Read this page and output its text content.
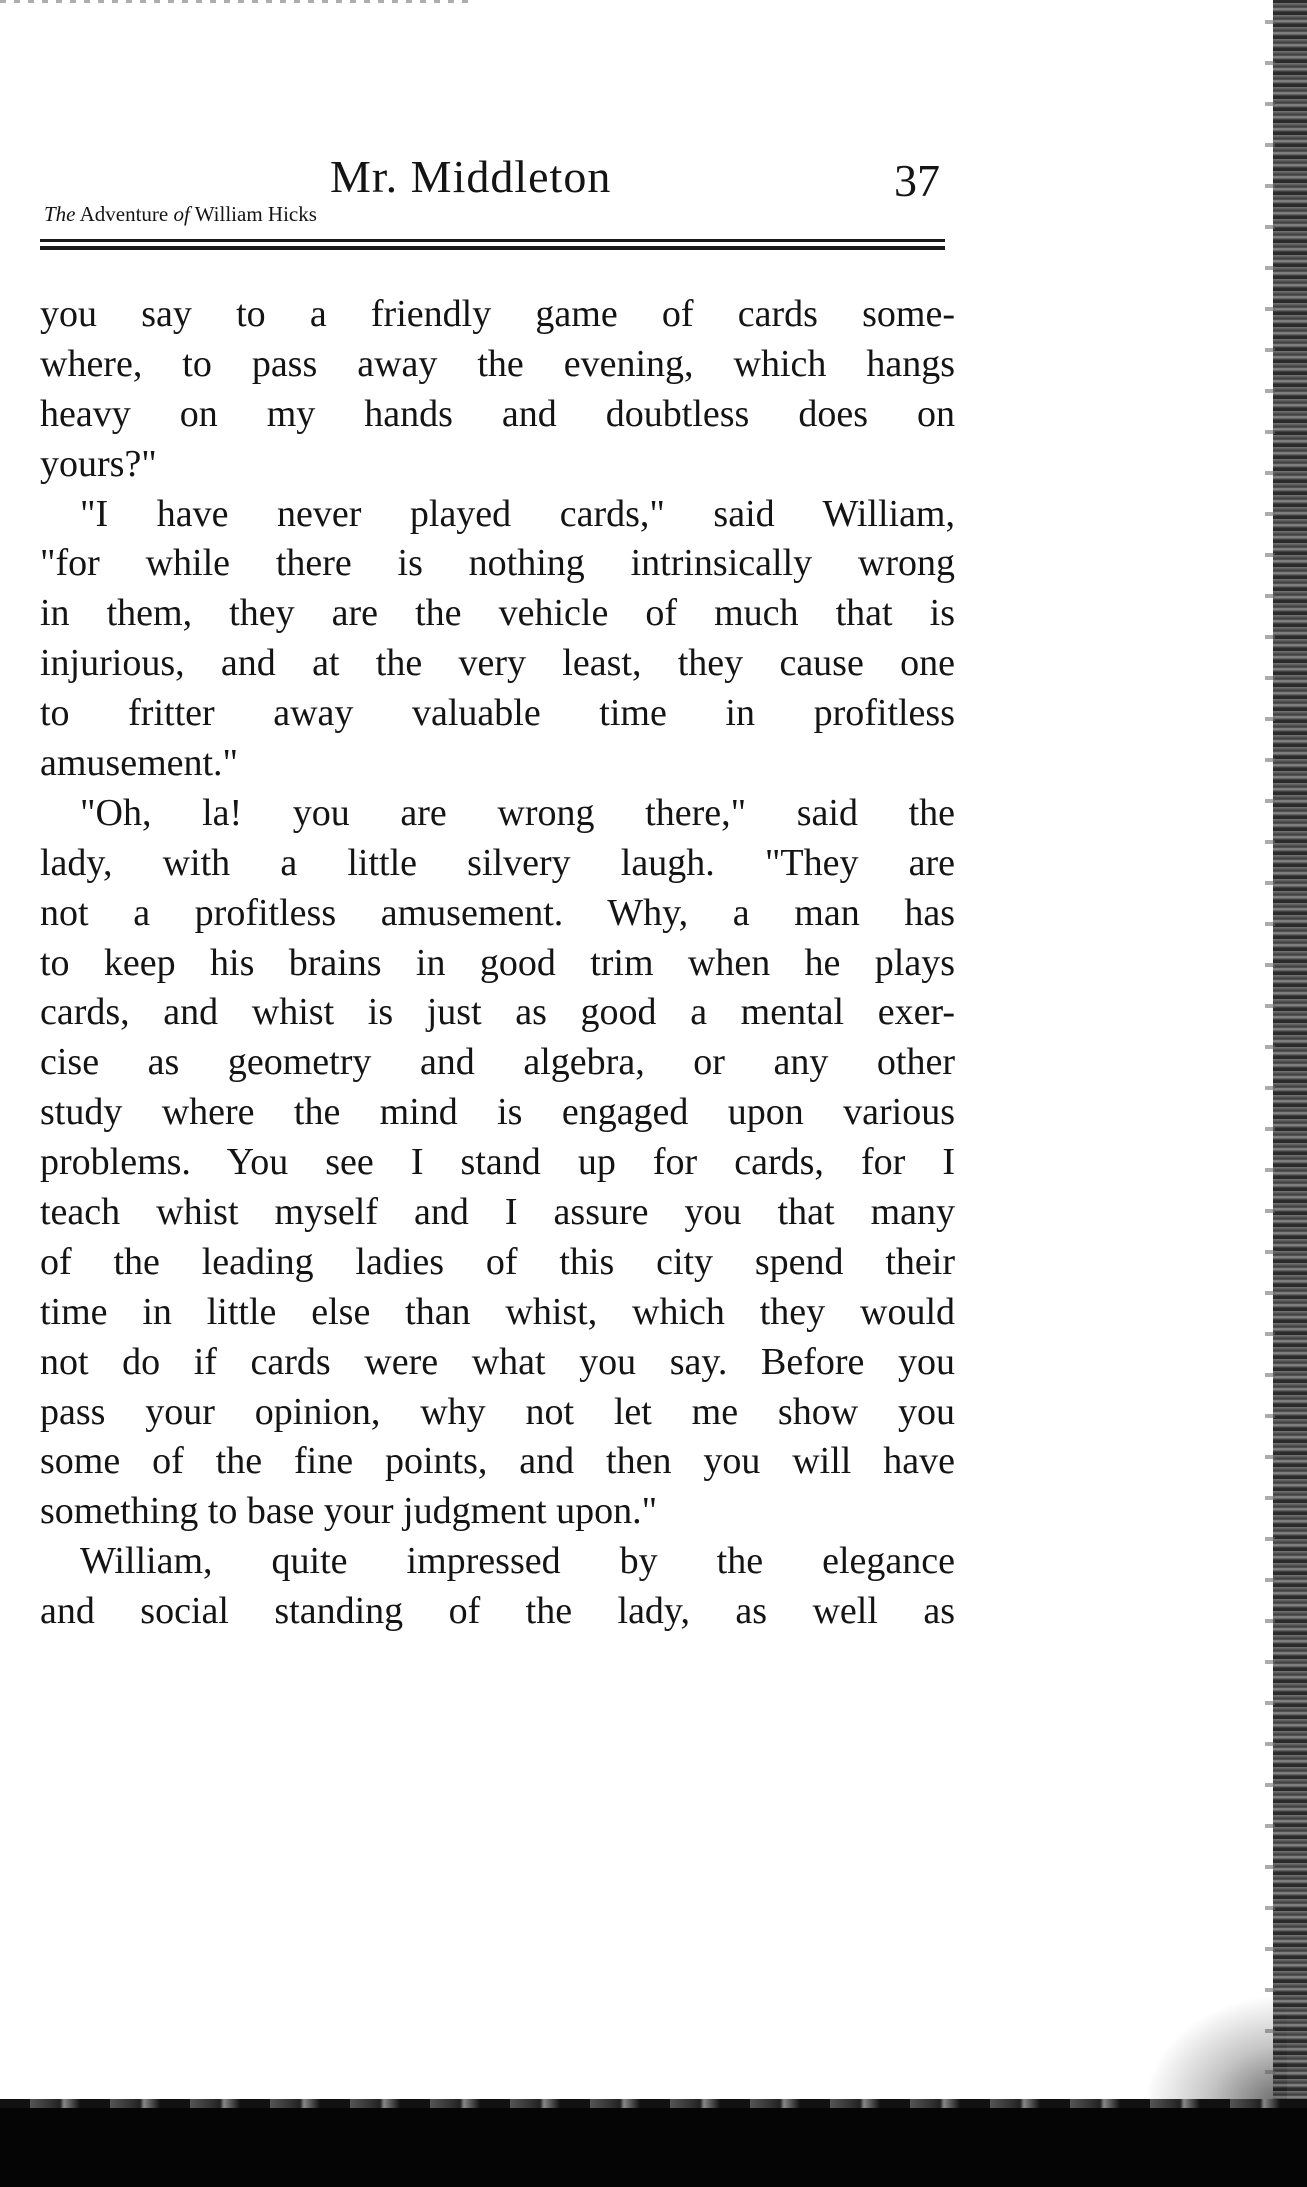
Mr. Middleton	37
The Adventure of William Hicks
you say to a friendly game of cards some-
where, to pass away the evening, which hangs
heavy on my hands and doubtless does on
yours?"
"I have never played cards," said William,
"for while there is nothing intrinsically wrong
in them, they are the vehicle of much that is
injurious, and at the very least, they cause one
to fritter away valuable time in profitless
amusement."
"Oh, la! you are wrong there," said the
lady, with a little silvery laugh. "They are
not a profitless amusement. Why, a man has
to keep his brains in good trim when he plays
cards, and whist is just as good a mental exer-
cise as geometry and algebra, or any other
study where the mind is engaged upon various
problems. You see I stand up for cards, for I
teach whist myself and I assure you that many
of the leading ladies of this city spend their
time in little else than whist, which they would
not do if cards were what you say. Before you
pass your opinion, why not let me show you
some of the fine points, and then you will have
something to base your judgment upon."
William, quite impressed by the elegance
and social standing of the lady, as well as
